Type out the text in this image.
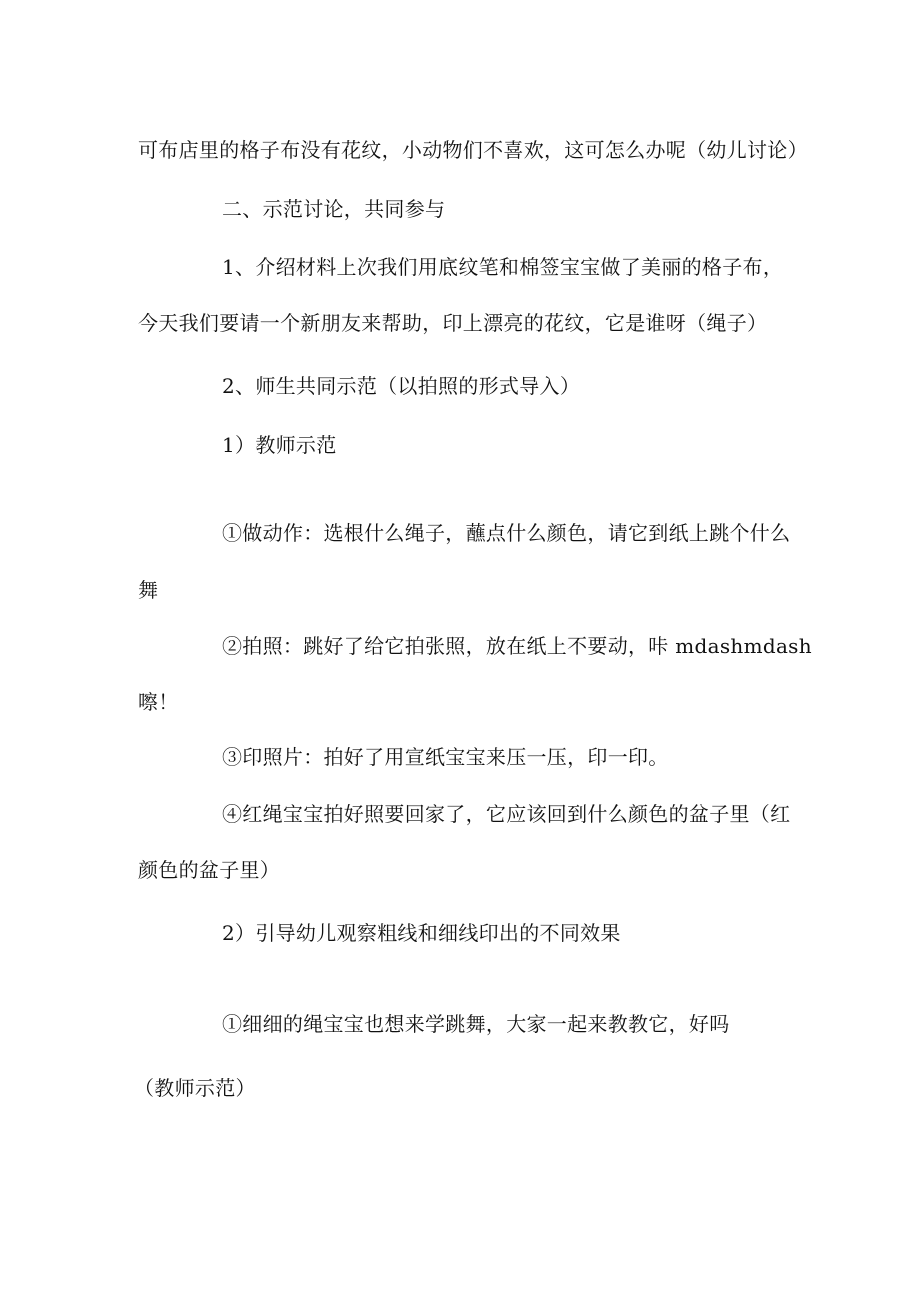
可布店里的格子布没有花纹，小动物们不喜欢，这可怎么办呢（幼儿讨论）

二、示范讨论，共同参与

1、介绍材料上次我们用底纹笔和棉签宝宝做了美丽的格子布，

今天我们要请一个新朋友来帮助，印上漂亮的花纹，它是谁呀（绳子）

2、师生共同示范（以拍照的形式导入）

1）教师示范

①做动作：选根什么绳子，蘸点什么颜色，请它到纸上跳个什么

舞

②拍照：跳好了给它拍张照，放在纸上不要动，咔 mdashmdash

嚓！

③印照片：拍好了用宣纸宝宝来压一压，印一印。

④红绳宝宝拍好照要回家了，它应该回到什么颜色的盆子里（红

颜色的盆子里）

2）引导幼儿观察粗线和细线印出的不同效果

①细细的绳宝宝也想来学跳舞，大家一起来教教它，好吗

（教师示范）
